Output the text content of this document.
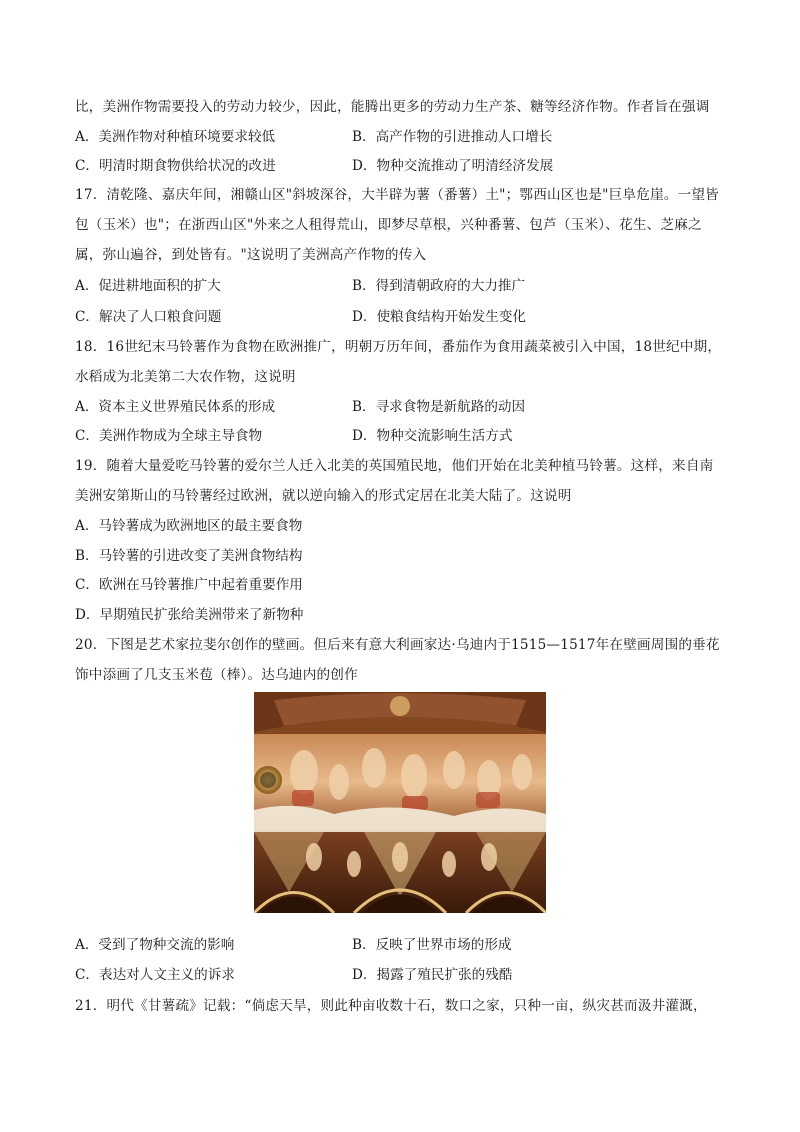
比，美洲作物需要投入的劳动力较少，因此，能腾出更多的劳动力生产茶、糖等经济作物。作者旨在强调
A．美洲作物对种植环境要求较低	B．高产作物的引进推动人口增长
C．明清时期食物供给状况的改进	D．物种交流推动了明清经济发展
17．清乾隆、嘉庆年间，湘赣山区"斜坡深谷，大半辟为薯（番薯）土"；鄂西山区也是"巨阜危崖。一望皆
包（玉米）也"；在浙西山区"外来之人租得荒山，即梦尽草根，兴种番薯、包芦（玉米）、花生、芝麻之
属，弥山遍谷，到处皆有。"这说明了美洲高产作物的传入
A．促进耕地面积的扩大	B．得到清朝政府的大力推广
C．解决了人口粮食问题	D．使粮食结构开始发生变化
18．16世纪末马铃薯作为食物在欧洲推广，明朝万历年间，番茄作为食用蔬菜被引入中国，18世纪中期，
水稻成为北美第二大农作物，这说明
A．资本主义世界殖民体系的形成	B．寻求食物是新航路的动因
C．美洲作物成为全球主导食物	D．物种交流影响生活方式
19．随着大量爱吃马铃薯的爱尔兰人迁入北美的英国殖民地，他们开始在北美种植马铃薯。这样，来自南
美洲安第斯山的马铃薯经过欧洲，就以逆向输入的形式定居在北美大陆了。这说明
A．马铃薯成为欧洲地区的最主要食物
B．马铃薯的引进改变了美洲食物结构
C．欧洲在马铃薯推广中起着重要作用
D．早期殖民扩张给美洲带来了新物种
20．下图是艺术家拉斐尔创作的壁画。但后来有意大利画家达·乌迪内于1515—1517年在壁画周围的垂花
饰中添画了几支玉米苞（棒）。达乌迪内的创作
A．受到了物种交流的影响	B．反映了世界市场的形成
C．表达对人文主义的诉求	D．揭露了殖民扩张的残酷
21．明代《甘薯疏》记载：“倘虑天旱，则此种亩收数十石，数口之家，只种一亩，纵灾甚而汲井灌溉，
